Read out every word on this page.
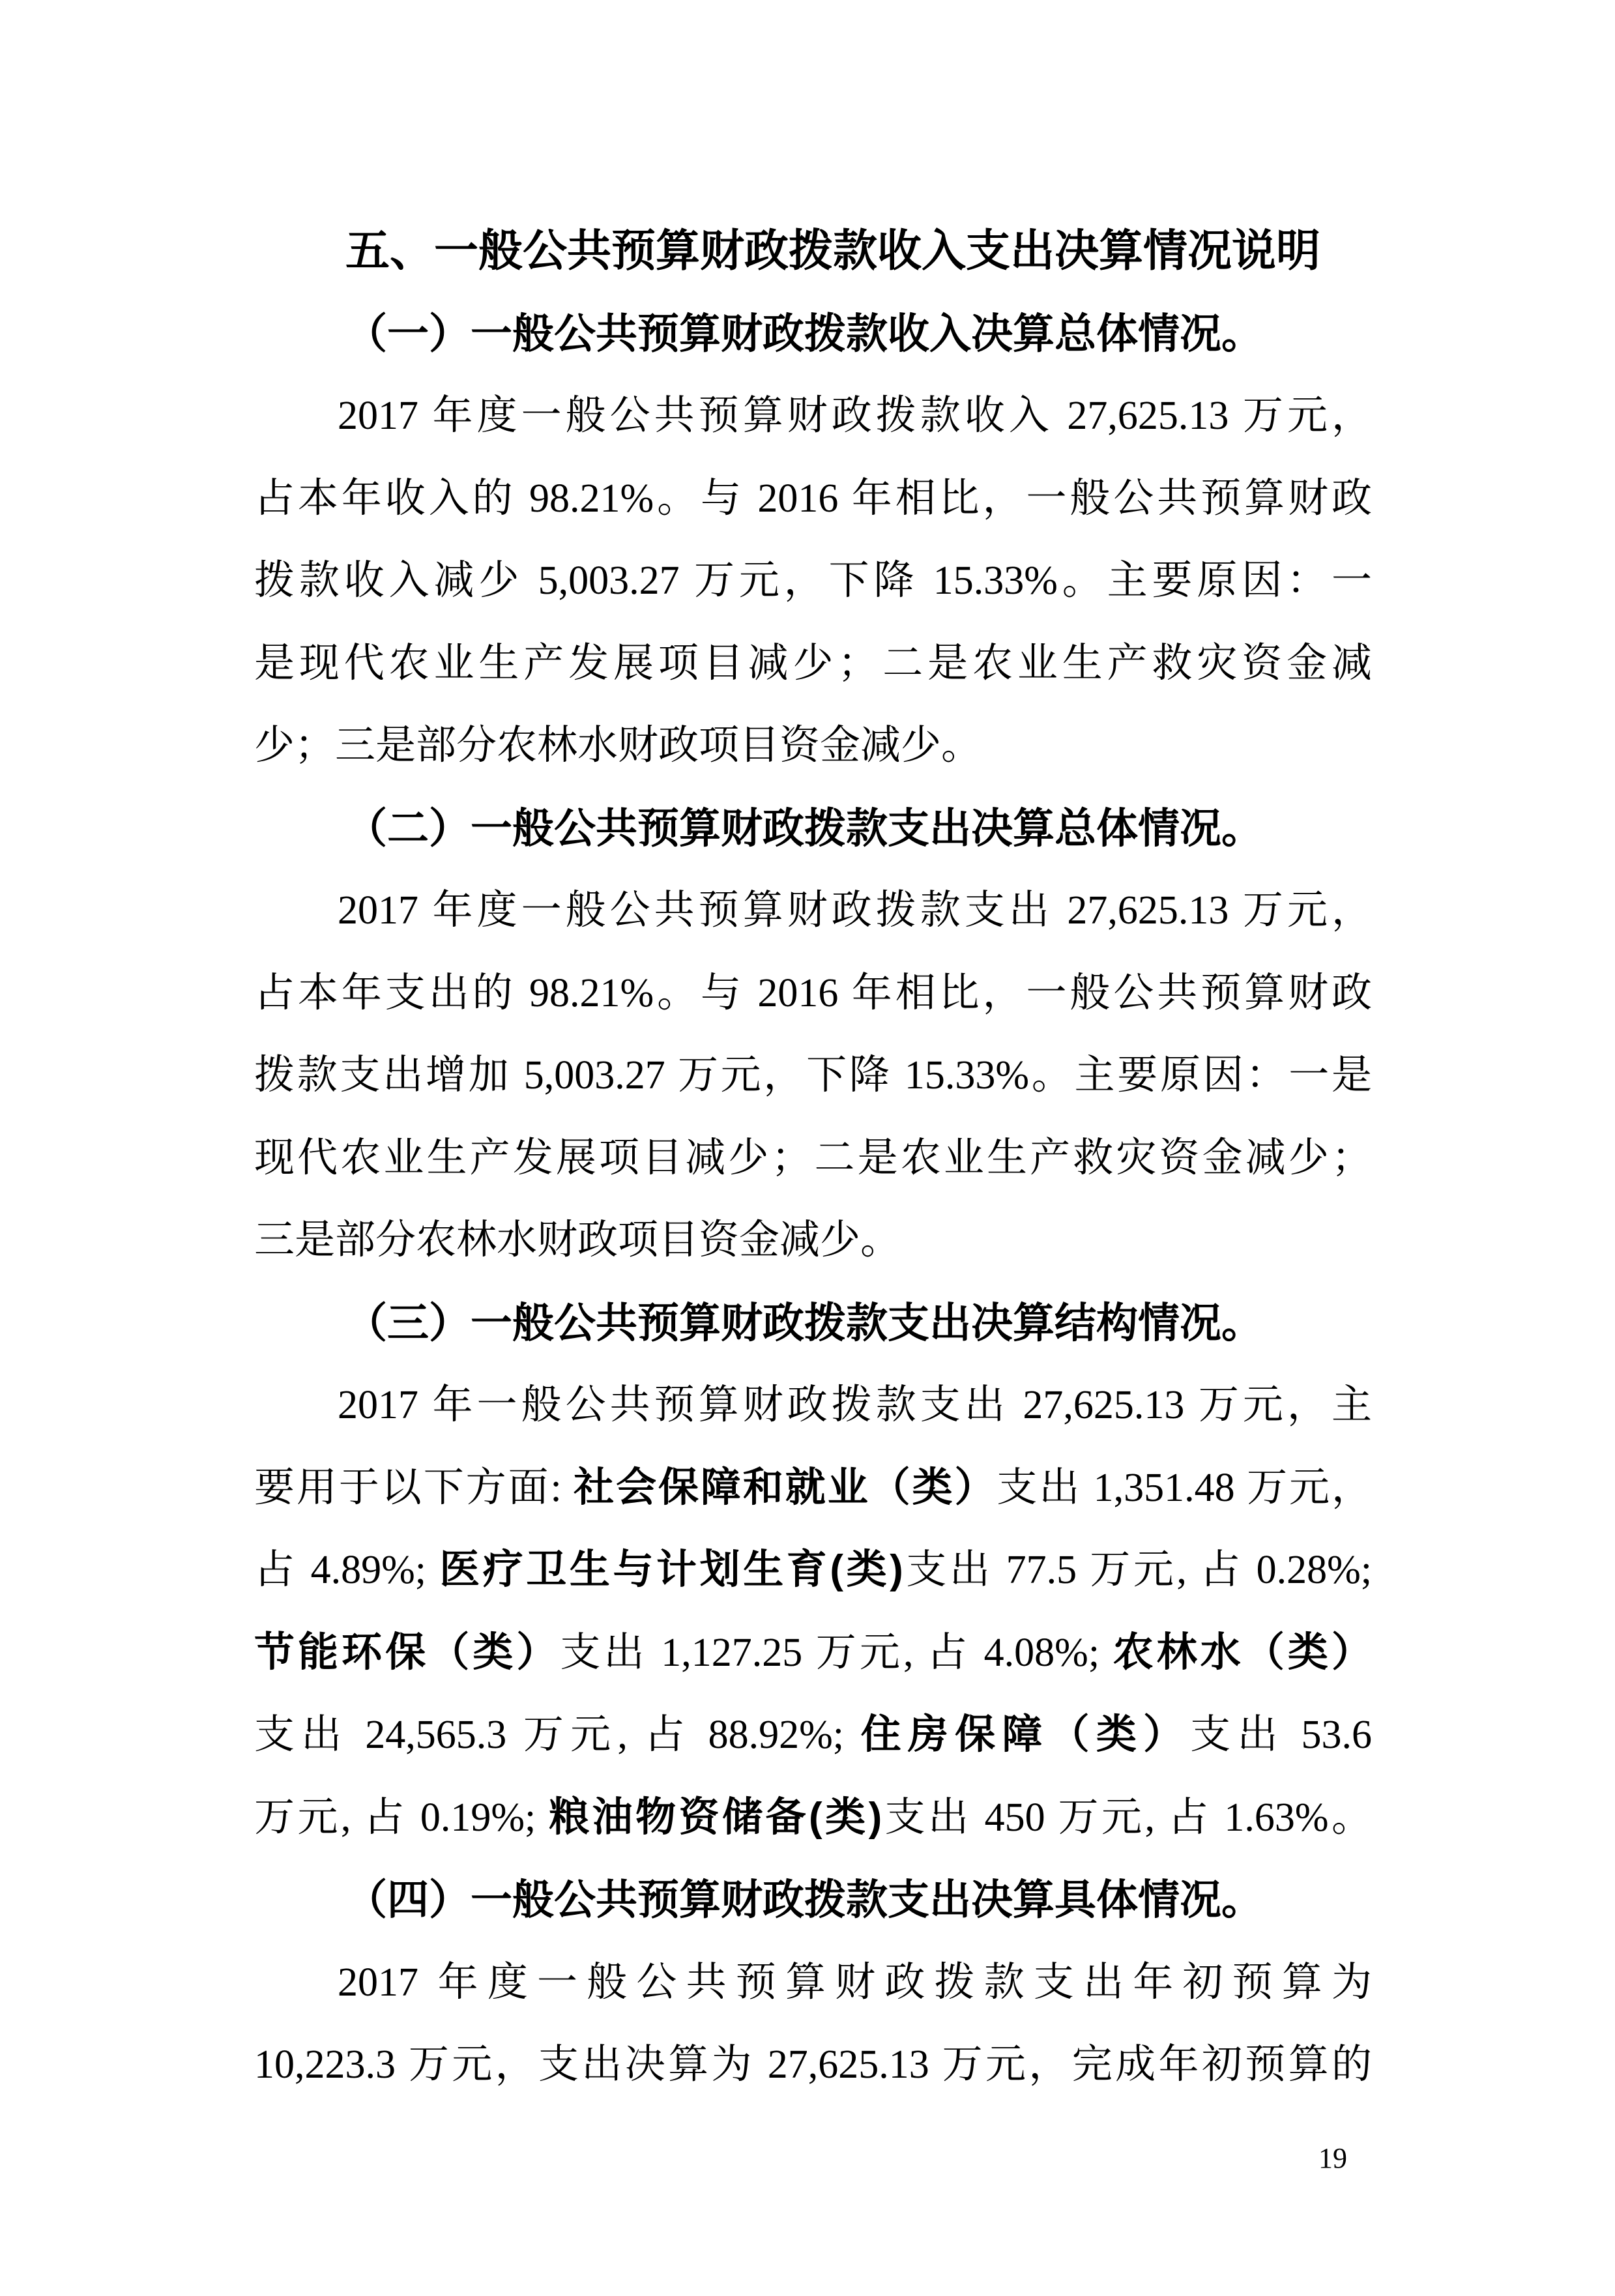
五、一般公共预算财政拨款收入支出决算情况说明
（一）一般公共预算财政拨款收入决算总体情况。
2017 年度一般公共预算财政拨款收入 27,625.13 万元，
占本年收入的 98.21%。与 2016 年相比，一般公共预算财政
拨款收入减少 5,003.27 万元，下降 15.33%。主要原因：一
是现代农业生产发展项目减少；二是农业生产救灾资金减
少；三是部分农林水财政项目资金减少。
（二）一般公共预算财政拨款支出决算总体情况。
2017 年度一般公共预算财政拨款支出 27,625.13 万元，
占本年支出的 98.21%。与 2016 年相比，一般公共预算财政
拨款支出增加 5,003.27 万元，下降 15.33%。主要原因：一是
现代农业生产发展项目减少；二是农业生产救灾资金减少；
三是部分农林水财政项目资金减少。
（三）一般公共预算财政拨款支出决算结构情况。
2017 年一般公共预算财政拨款支出 27,625.13 万元，主
要用于以下方面: 社会保障和就业（类）支出 1,351.48 万元，
占 4.89%; 医疗卫生与计划生育(类)支出 77.5 万元, 占 0.28%;
节能环保（类）支出 1,127.25 万元, 占 4.08%; 农林水（类）
支出 24,565.3 万元, 占 88.92%; 住房保障（类）支出 53.6
万元, 占 0.19%; 粮油物资储备(类)支出 450 万元, 占 1.63%。
（四）一般公共预算财政拨款支出决算具体情况。
2017 年度一般公共预算财政拨款支出年初预算为
10,223.3 万元，支出决算为 27,625.13 万元，完成年初预算的
19
